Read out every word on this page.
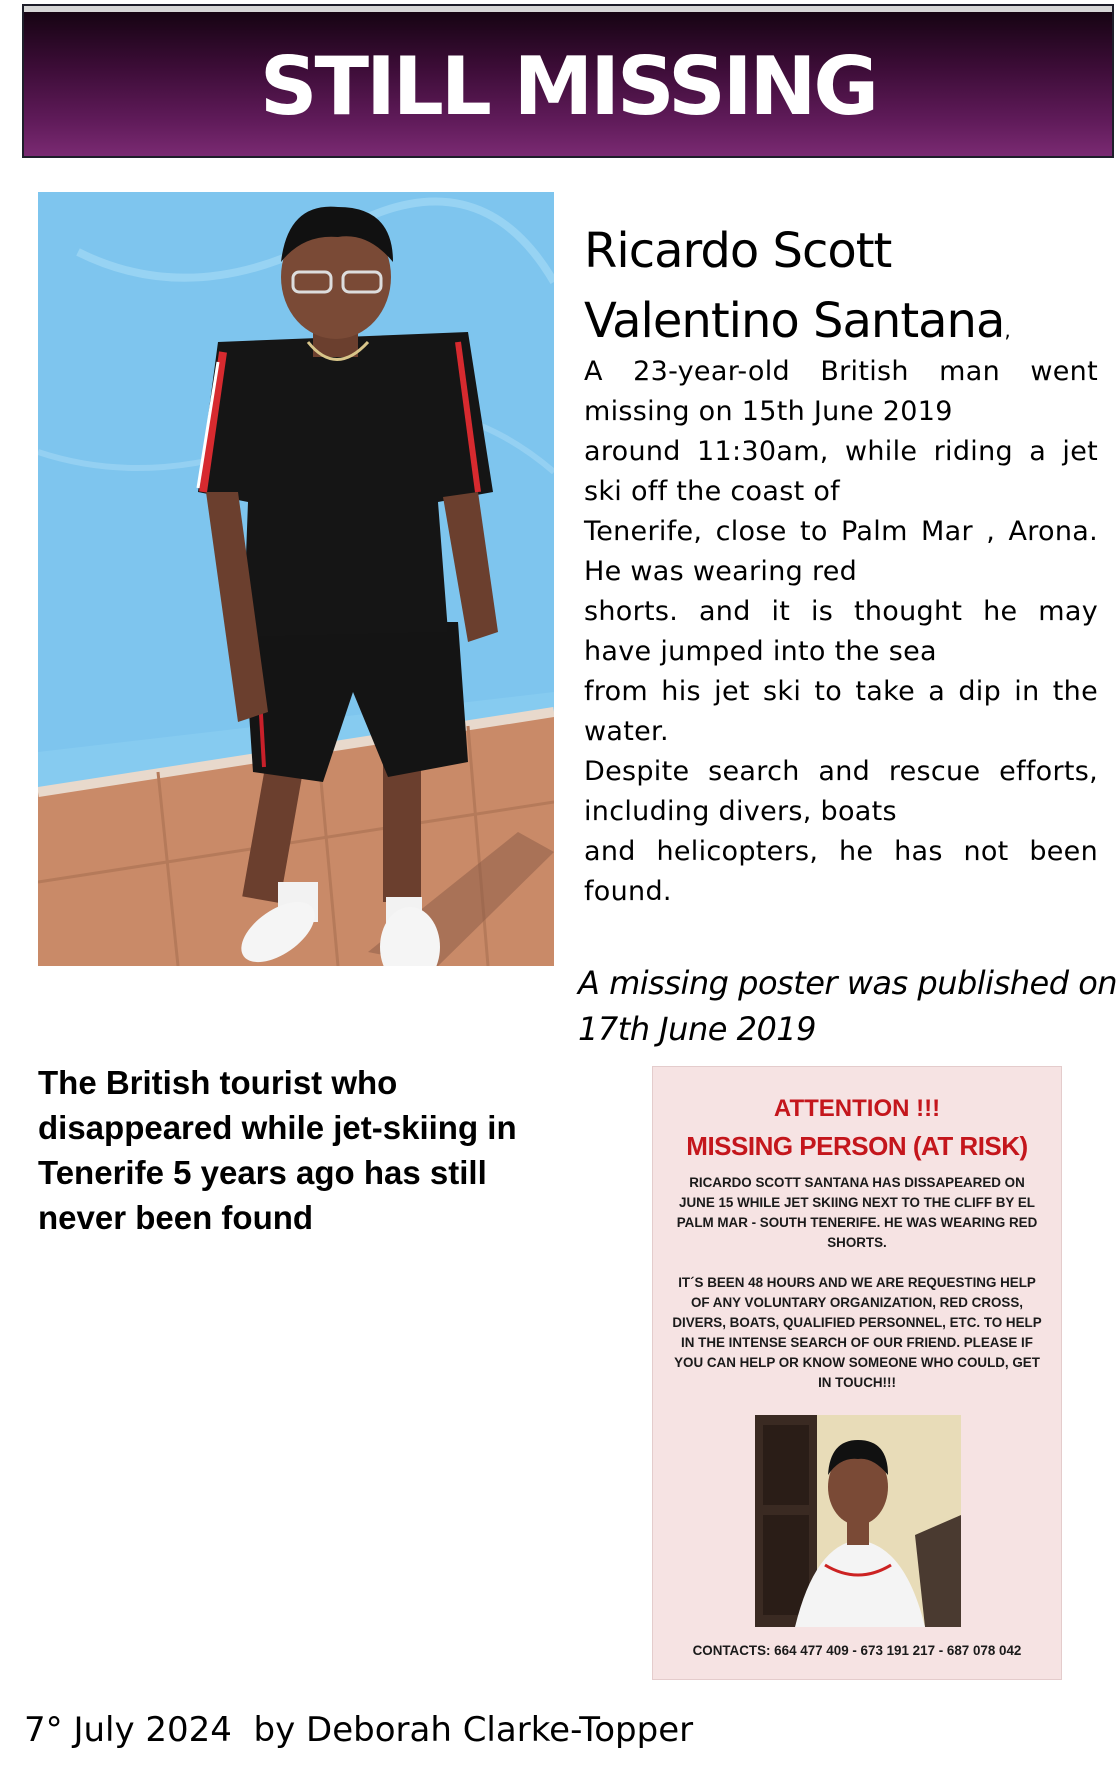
STILL MISSING
Ricardo Scott
Valentino Santana,

A 23-year-old British man went missing on 15th June 2019

around 11:30am, while riding a jet ski off the coast of

Tenerife, close to Palm Mar , Arona. He was wearing red

shorts. and it is thought he may have jumped into the sea

from his jet ski to take a dip in the water.

Despite search and rescue efforts, including divers, boats

and helicopters, he has not been found.

A missing poster was published on 17th June 2019
The British tourist who disappeared while jet-skiing in Tenerife 5 years ago has still never been found
ATTENTION !!!
MISSING PERSON (AT RISK)
RICARDO SCOTT SANTANA HAS DISSAPEARED ON JUNE 15 WHILE JET SKIING NEXT TO THE CLIFF BY EL PALM MAR - SOUTH TENERIFE. HE WAS WEARING RED SHORTS.
IT´S BEEN 48 HOURS AND WE ARE REQUESTING HELP OF ANY VOLUNTARY ORGANIZATION, RED CROSS, DIVERS, BOATS, QUALIFIED PERSONNEL, ETC. TO HELP IN THE INTENSE SEARCH OF OUR FRIEND. PLEASE IF YOU CAN HELP OR KNOW SOMEONE WHO COULD, GET IN TOUCH!!!
CONTACTS: 664 477 409 - 673 191 217 - 687 078 042
7° July 2024  by Deborah Clarke-Topper
